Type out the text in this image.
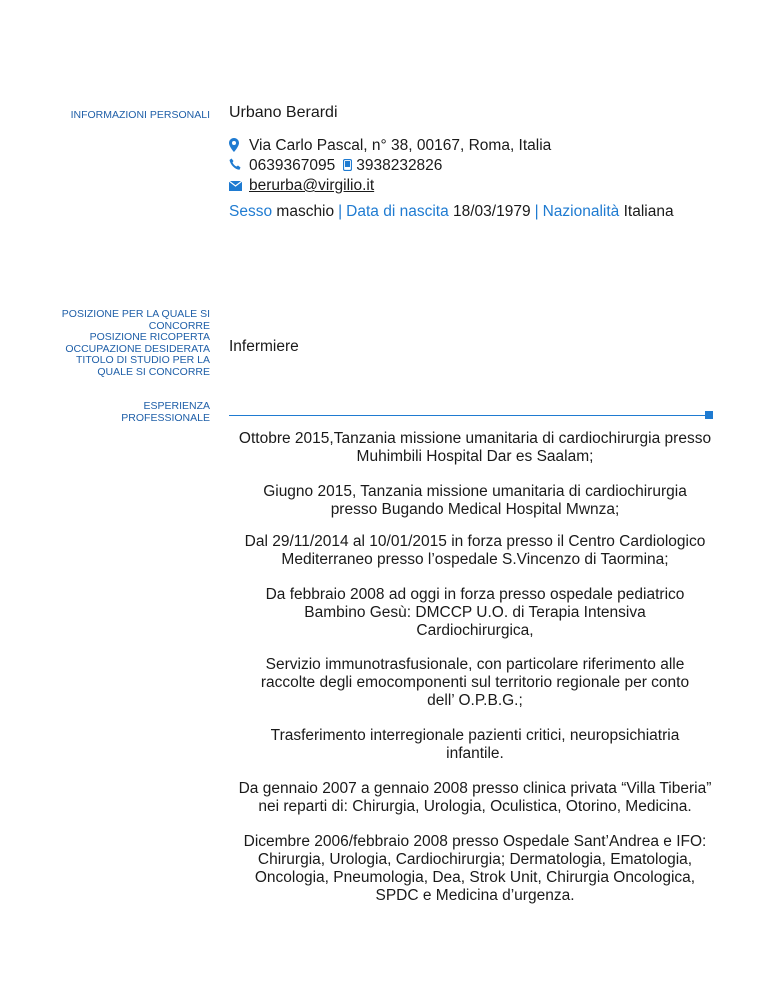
INFORMAZIONI PERSONALI
POSIZIONE PER LA QUALE SI
CONCORRE
POSIZIONE RICOPERTA
OCCUPAZIONE DESIDERATA
TITOLO DI STUDIO PER LA
QUALE SI CONCORRE
ESPERIENZA
PROFESSIONALE
Urbano Berardi
Via Carlo Pascal, n° 38, 00167, Roma, Italia
0639367095 3938232826
berurba@virgilio.it
Sesso maschio | Data di nascita 18/03/1979 | Nazionalità Italiana
Infermiere
Ottobre 2015,Tanzania missione umanitaria di cardiochirurgia presso
Muhimbili Hospital Dar es Saalam;
Giugno 2015, Tanzania missione umanitaria di cardiochirurgia
presso Bugando Medical Hospital Mwnza;
Dal 29/11/2014 al 10/01/2015 in forza presso il Centro Cardiologico
Mediterraneo presso l’ospedale S.Vincenzo di Taormina;
Da febbraio 2008 ad oggi in forza presso ospedale pediatrico
Bambino Gesù: DMCCP U.O. di Terapia Intensiva
Cardiochirurgica,
Servizio immunotrasfusionale, con particolare riferimento alle
raccolte degli emocomponenti sul territorio regionale per conto
dell’ O.P.B.G.;
Trasferimento interregionale pazienti critici, neuropsichiatria
infantile.
Da gennaio 2007 a gennaio 2008 presso clinica privata “Villa Tiberia”
nei reparti di: Chirurgia, Urologia, Oculistica, Otorino, Medicina.
Dicembre 2006/febbraio 2008 presso Ospedale Sant’Andrea e IFO:
Chirurgia, Urologia, Cardiochirurgia; Dermatologia, Ematologia,
Oncologia, Pneumologia, Dea, Strok Unit, Chirurgia Oncologica,
SPDC e Medicina d’urgenza.
